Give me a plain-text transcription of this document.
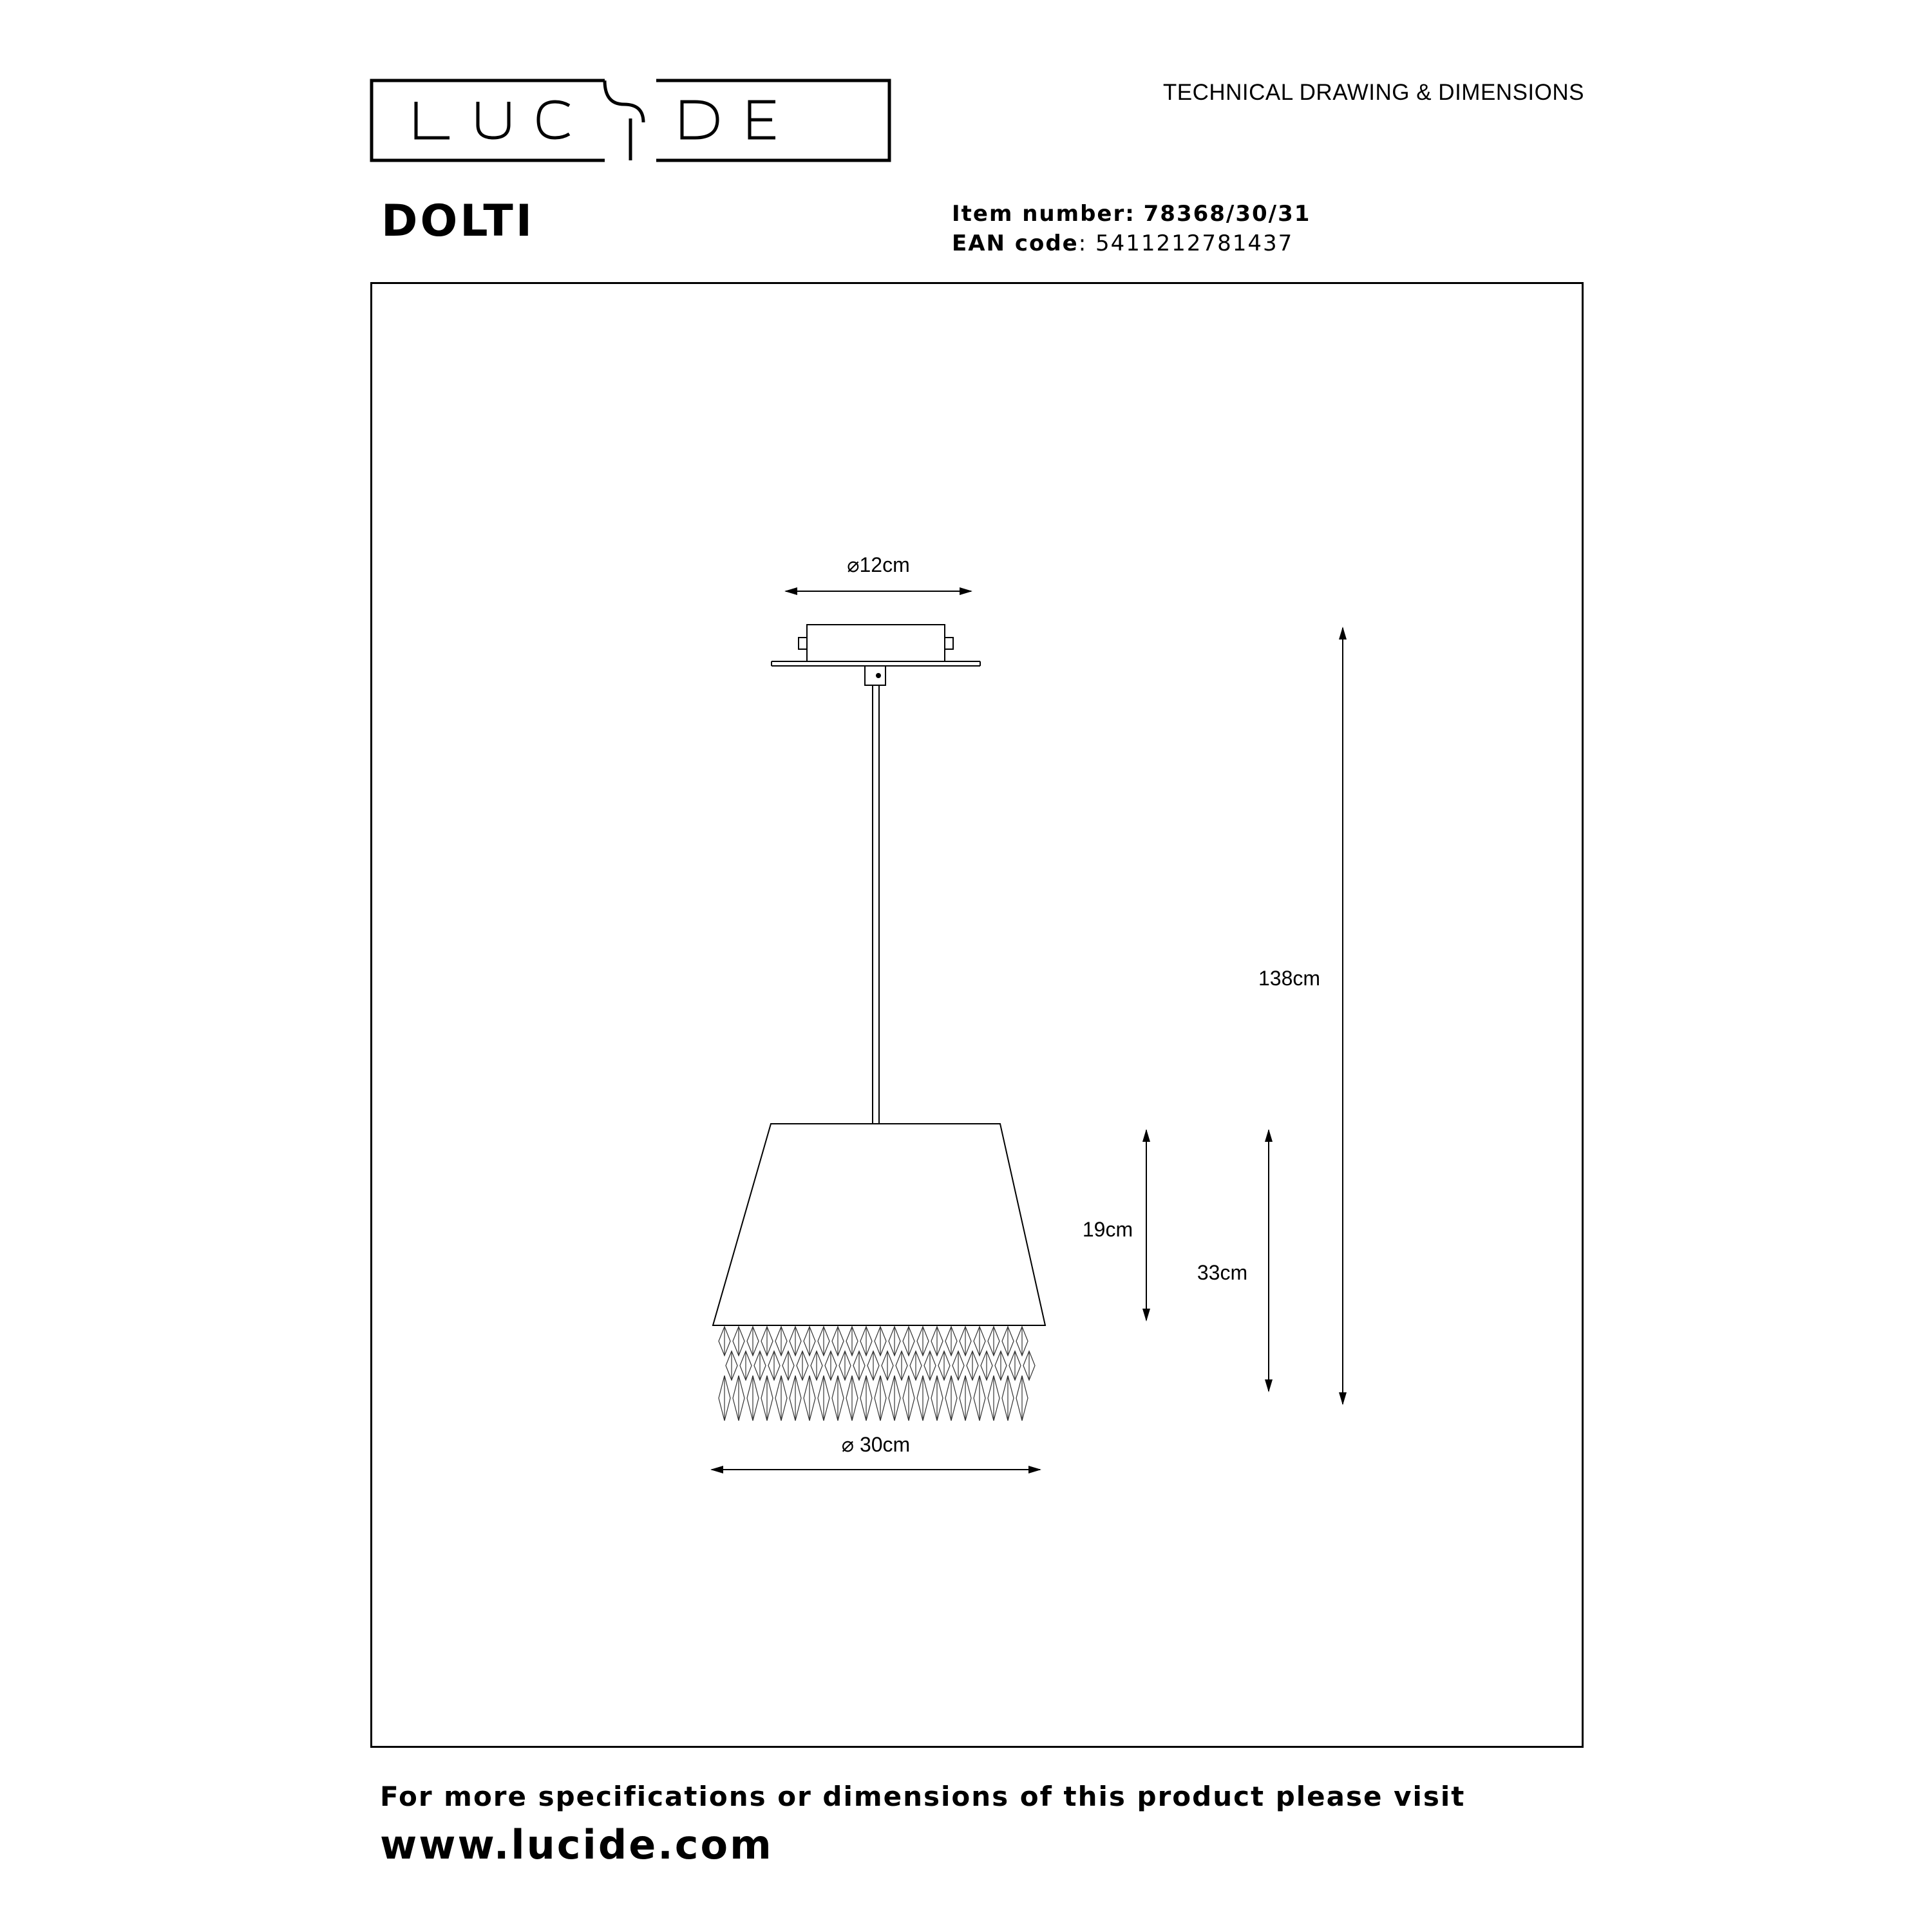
LUCIDE
TECHNICAL DRAWING & DIMENSIONS
DOLTI	Item number: 78368/30/31
EAN code: 5411212781437
⌀12cm
138cm
19cm
33cm
⌀ 30cm
For more specifications or dimensions of this product please visit
www.lucide.com
